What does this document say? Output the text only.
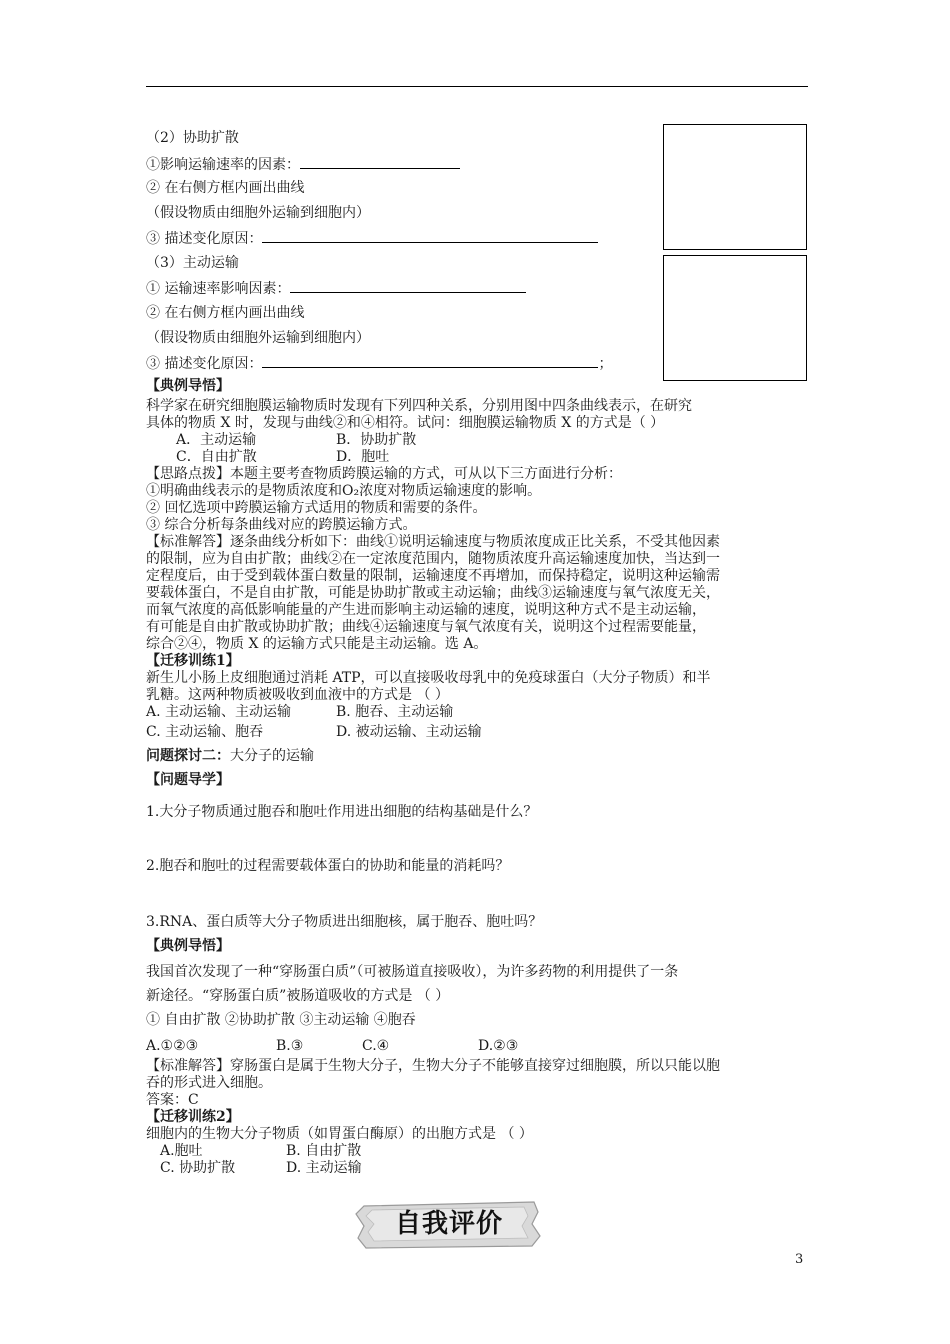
（2）协助扩散
①影响运输速率的因素：
② 在右侧方框内画出曲线
（假设物质由细胞外运输到细胞内）
③ 描述变化原因：
（3）主动运输
① 运输速率影响因素：
② 在右侧方框内画出曲线
（假设物质由细胞外运输到细胞内）
③ 描述变化原因：	；
【典例导悟】
科学家在研究细胞膜运输物质时发现有下列四种关系，分别用图中四条曲线表示，在研究
具体的物质 X 时，发现与曲线②和④相符。试问：细胞膜运输物质 X 的方式是（ ）
A．主动运输	B．协助扩散
C．自由扩散	D．胞吐
【思路点拨】本题主要考查物质跨膜运输的方式，可从以下三方面进行分析：
①明确曲线表示的是物质浓度和O₂浓度对物质运输速度的影响。
② 回忆选项中跨膜运输方式适用的物质和需要的条件。
③ 综合分析每条曲线对应的跨膜运输方式。
【标准解答】逐条曲线分析如下：曲线①说明运输速度与物质浓度成正比关系，不受其他因素
的限制，应为自由扩散；曲线②在一定浓度范围内，随物质浓度升高运输速度加快，当达到一
定程度后，由于受到载体蛋白数量的限制，运输速度不再增加，而保持稳定，说明这种运输需
要载体蛋白，不是自由扩散，可能是协助扩散或主动运输；曲线③运输速度与氧气浓度无关，
而氧气浓度的高低影响能量的产生进而影响主动运输的速度，说明这种方式不是主动运输，
有可能是自由扩散或协助扩散；曲线④运输速度与氧气浓度有关，说明这个过程需要能量，
综合②④，物质 X 的运输方式只能是主动运输。选 A。
【迁移训练1】
新生儿小肠上皮细胞通过消耗 ATP，可以直接吸收母乳中的免疫球蛋白（大分子物质）和半
乳糖。这两种物质被吸收到血液中的方式是 （ ）
A. 主动运输、主动运输	B. 胞吞、主动运输
C. 主动运输、胞吞	D. 被动运输、主动运输
问题探讨二：大分子的运输
【问题导学】
1.大分子物质通过胞吞和胞吐作用进出细胞的结构基础是什么？
2.胞吞和胞吐的过程需要载体蛋白的协助和能量的消耗吗？
3.RNA、蛋白质等大分子物质进出细胞核，属于胞吞、胞吐吗？
【典例导悟】
我国首次发现了一种“穿肠蛋白质”（可被肠道直接吸收），为许多药物的利用提供了一条
新途径。“穿肠蛋白质”被肠道吸收的方式是 （ ）
① 自由扩散 ②协助扩散 ③主动运输 ④胞吞
A.①②③	B.③	C.④	D.②③
【标准解答】穿肠蛋白是属于生物大分子，生物大分子不能够直接穿过细胞膜，所以只能以胞
吞的形式进入细胞。
答案：C
【迁移训练2】
细胞内的生物大分子物质（如胃蛋白酶原）的出胞方式是 （ ）
A.胞吐	B. 自由扩散
C. 协助扩散	D. 主动运输
自我评价
3
